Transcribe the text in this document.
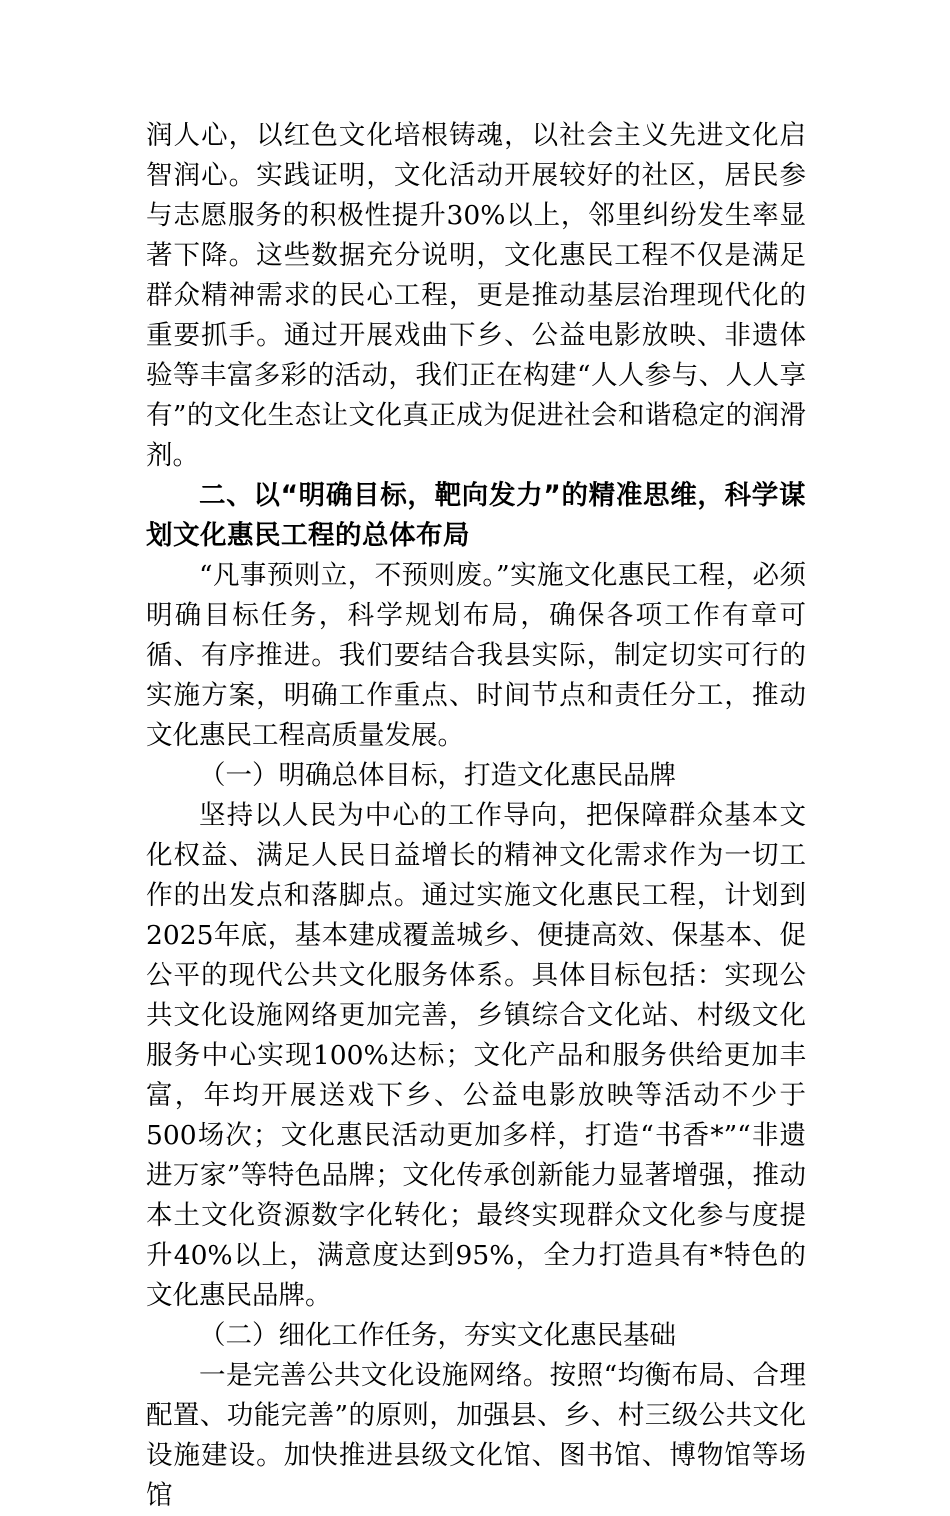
润人心，以红色文化培根铸魂，以社会主义先进文化启智润心。实践证明，文化活动开展较好的社区，居民参与志愿服务的积极性提升30%以上，邻里纠纷发生率显著下降。这些数据充分说明，文化惠民工程不仅是满足群众精神需求的民心工程，更是推动基层治理现代化的重要抓手。通过开展戏曲下乡、公益电影放映、非遗体验等丰富多彩的活动，我们正在构建“人人参与、人人享有”的文化生态让文化真正成为促进社会和谐稳定的润滑剂。

二、以“明确目标，靶向发力”的精准思维，科学谋划文化惠民工程的总体布局

“凡事预则立，不预则废。”实施文化惠民工程，必须明确目标任务，科学规划布局，确保各项工作有章可循、有序推进。我们要结合我县实际，制定切实可行的实施方案，明确工作重点、时间节点和责任分工，推动文化惠民工程高质量发展。

（一）明确总体目标，打造文化惠民品牌

坚持以人民为中心的工作导向，把保障群众基本文化权益、满足人民日益增长的精神文化需求作为一切工作的出发点和落脚点。通过实施文化惠民工程，计划到2025年底，基本建成覆盖城乡、便捷高效、保基本、促公平的现代公共文化服务体系。具体目标包括：实现公共文化设施网络更加完善，乡镇综合文化站、村级文化服务中心实现100%达标；文化产品和服务供给更加丰富，年均开展送戏下乡、公益电影放映等活动不少于500场次；文化惠民活动更加多样，打造“书香*”“非遗进万家”等特色品牌；文化传承创新能力显著增强，推动本土文化资源数字化转化；最终实现群众文化参与度提升40%以上，满意度达到95%，全力打造具有*特色的文化惠民品牌。

（二）细化工作任务，夯实文化惠民基础

一是完善公共文化设施网络。按照“均衡布局、合理配置、功能完善”的原则，加强县、乡、村三级公共文化设施建设。加快推进县级文化馆、图书馆、博物馆等场馆
